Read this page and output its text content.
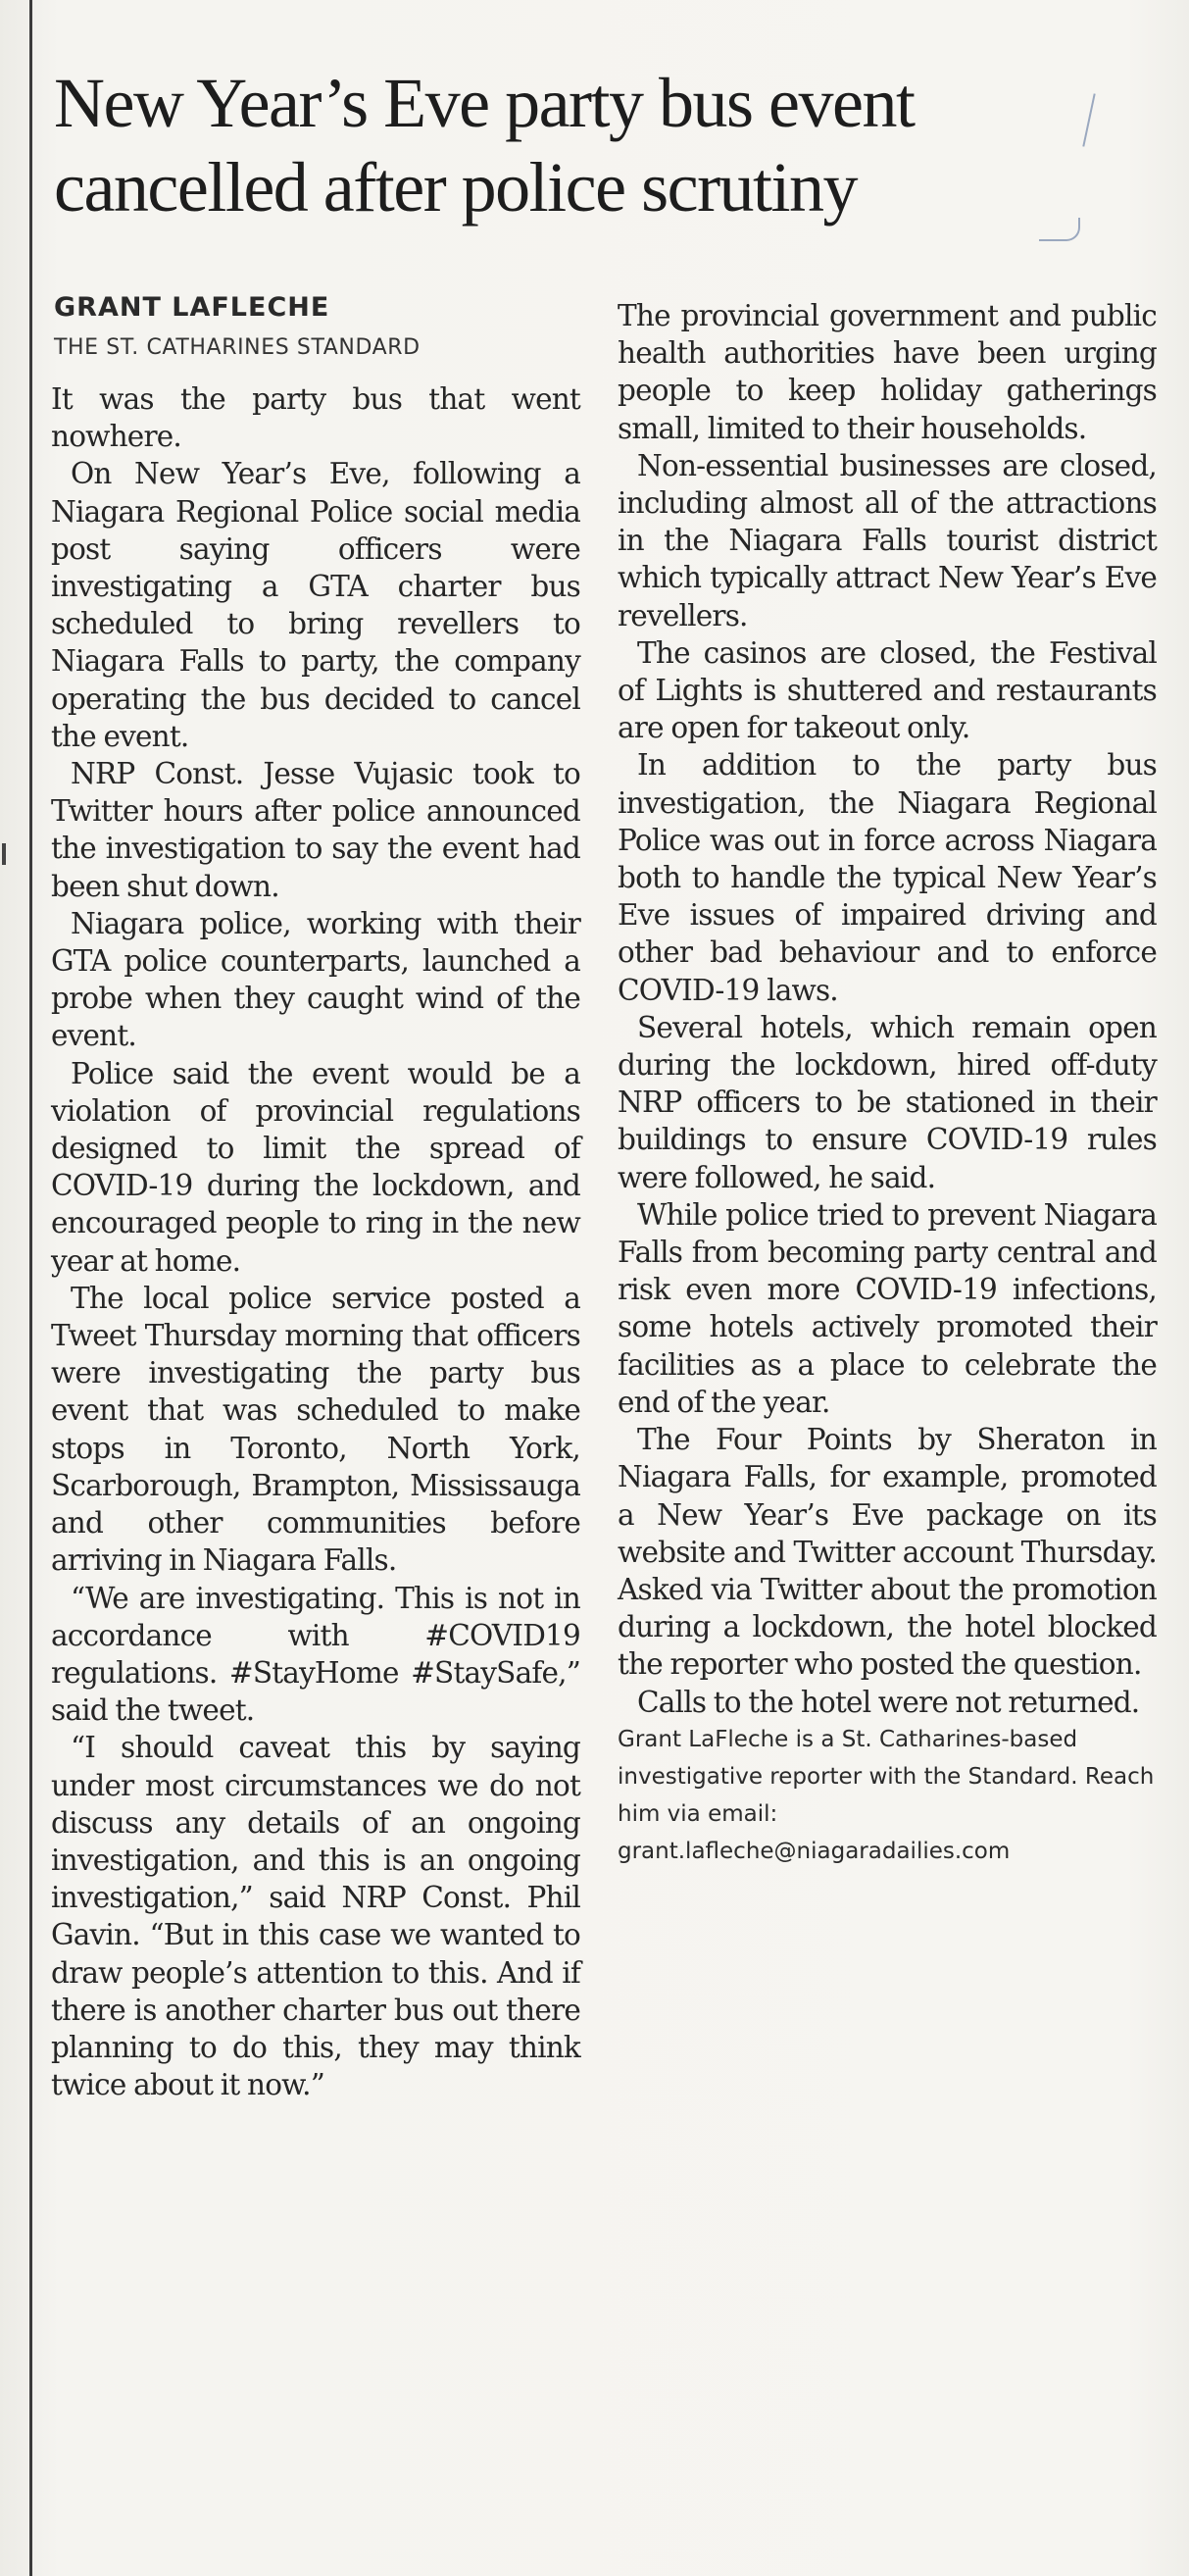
New Year’s Eve party bus event
cancelled after police scrutiny
GRANT LAFLECHE
THE ST. CATHARINES STANDARD

It was the party bus that went nowhere.

On New Year’s Eve, following a Niagara Regional Police social media post saying officers were investigating a GTA charter bus scheduled to bring revellers to Niagara Falls to party, the company operating the bus decided to cancel the event.

NRP Const. Jesse Vujasic took to Twitter hours after police announced the investigation to say the event had been shut down.

Niagara police, working with their GTA police counterparts, launched a probe when they caught wind of the event.

Police said the event would be a violation of provincial regulations designed to limit the spread of COVID-19 during the lockdown, and encouraged people to ring in the new year at home.

The local police service posted a Tweet Thursday morning that officers were investigating the party bus event that was scheduled to make stops in Toronto, North York, Scarborough, Brampton, Mississauga and other communities before arriving in Niagara Falls.

“We are investigating. This is not in accordance with #COVID19 regulations. #StayHome #StaySafe,” said the tweet.

“I should caveat this by saying under most circumstances we do not discuss any details of an ongoing investigation, and this is an ongoing investigation,” said NRP Const. Phil Gavin. “But in this case we wanted to draw people’s attention to this. And if there is another charter bus out there planning to do this, they may think twice about it now.”

The provincial government and public health authorities have been urging people to keep holiday gatherings small, limited to their households.

Non-essential businesses are closed, including almost all of the attractions in the Niagara Falls tourist district which typically attract New Year’s Eve revellers.

The casinos are closed, the Festival of Lights is shuttered and restaurants are open for takeout only.

In addition to the party bus investigation, the Niagara Regional Police was out in force across Niagara both to handle the typical New Year’s Eve issues of impaired driving and other bad behaviour and to enforce COVID-19 laws.

Several hotels, which remain open during the lockdown, hired off-duty NRP officers to be stationed in their buildings to ensure COVID-19 rules were followed, he said.

While police tried to prevent Niagara Falls from becoming party central and risk even more COVID-19 infections, some hotels actively promoted their facilities as a place to celebrate the end of the year.

The Four Points by Sheraton in Niagara Falls, for example, promoted a New Year’s Eve package on its website and Twitter account Thursday. Asked via Twitter about the promotion during a lockdown, the hotel blocked the reporter who posted the question.

Calls to the hotel were not returned.

Grant LaFleche is a St. Catharines-based investigative reporter with the Standard. Reach him via email: grant.lafleche@niagaradailies.com
